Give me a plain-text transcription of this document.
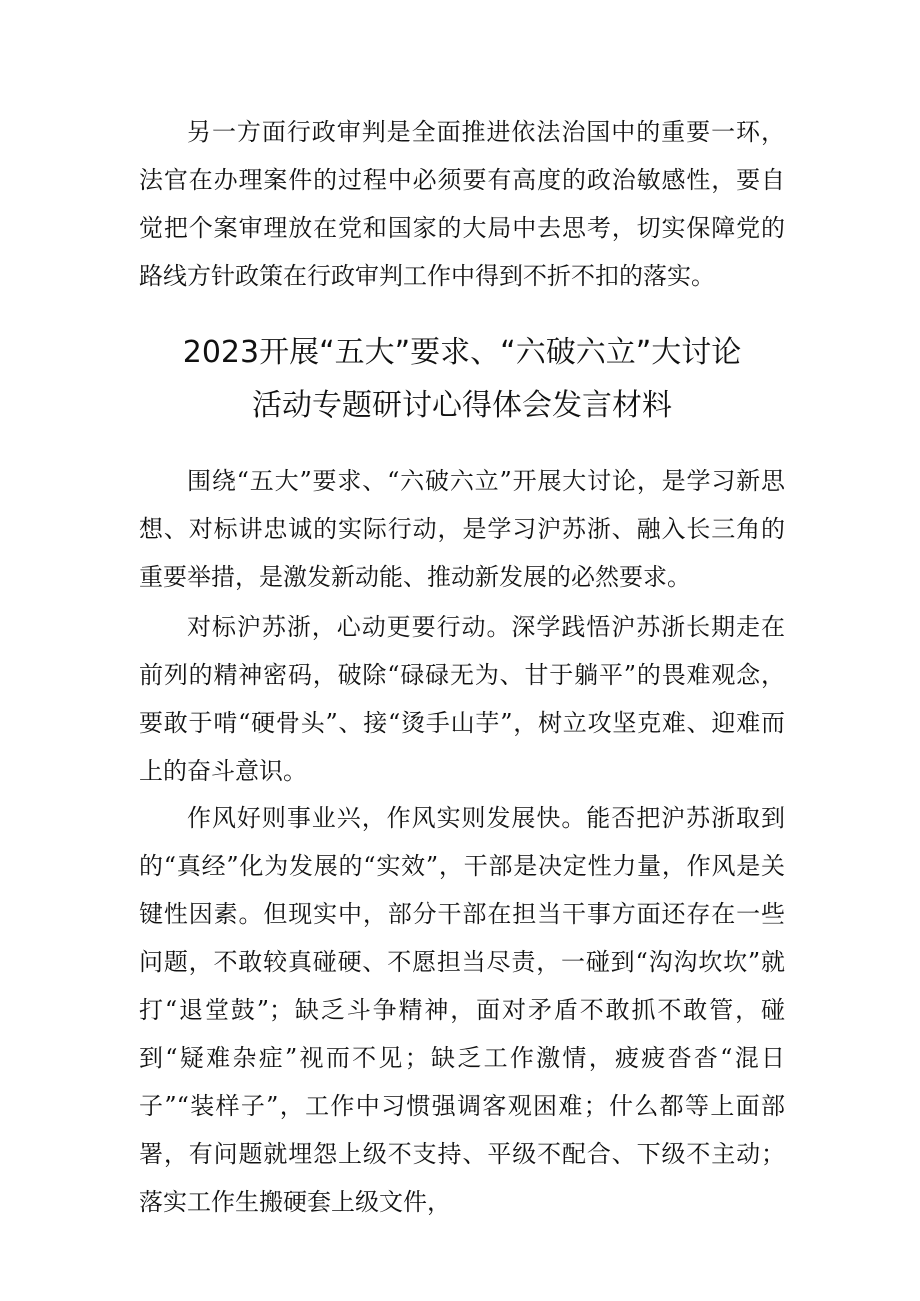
另一方面行政审判是全面推进依法治国中的重要一环，法官在办理案件的过程中必须要有高度的政治敏感性，要自觉把个案审理放在党和国家的大局中去思考，切实保障党的路线方针政策在行政审判工作中得到不折不扣的落实。

2023开展“五大”要求、“六破六立”大讨论
活动专题研讨心得体会发言材料

围绕“五大”要求、“六破六立”开展大讨论，是学习新思想、对标讲忠诚的实际行动，是学习沪苏浙、融入长三角的重要举措，是激发新动能、推动新发展的必然要求。

对标沪苏浙，心动更要行动。深学践悟沪苏浙长期走在前列的精神密码，破除“碌碌无为、甘于躺平”的畏难观念，要敢于啃“硬骨头”、接“烫手山芋”，树立攻坚克难、迎难而上的奋斗意识。

作风好则事业兴，作风实则发展快。能否把沪苏浙取到的“真经”化为发展的“实效”，干部是决定性力量，作风是关键性因素。但现实中，部分干部在担当干事方面还存在一些问题，不敢较真碰硬、不愿担当尽责，一碰到“沟沟坎坎”就打“退堂鼓”；缺乏斗争精神，面对矛盾不敢抓不敢管，碰到“疑难杂症”视而不见；缺乏工作激情，疲疲沓沓“混日子”“装样子”，工作中习惯强调客观困难；什么都等上面部署，有问题就埋怨上级不支持、平级不配合、下级不主动；落实工作生搬硬套上级文件，
